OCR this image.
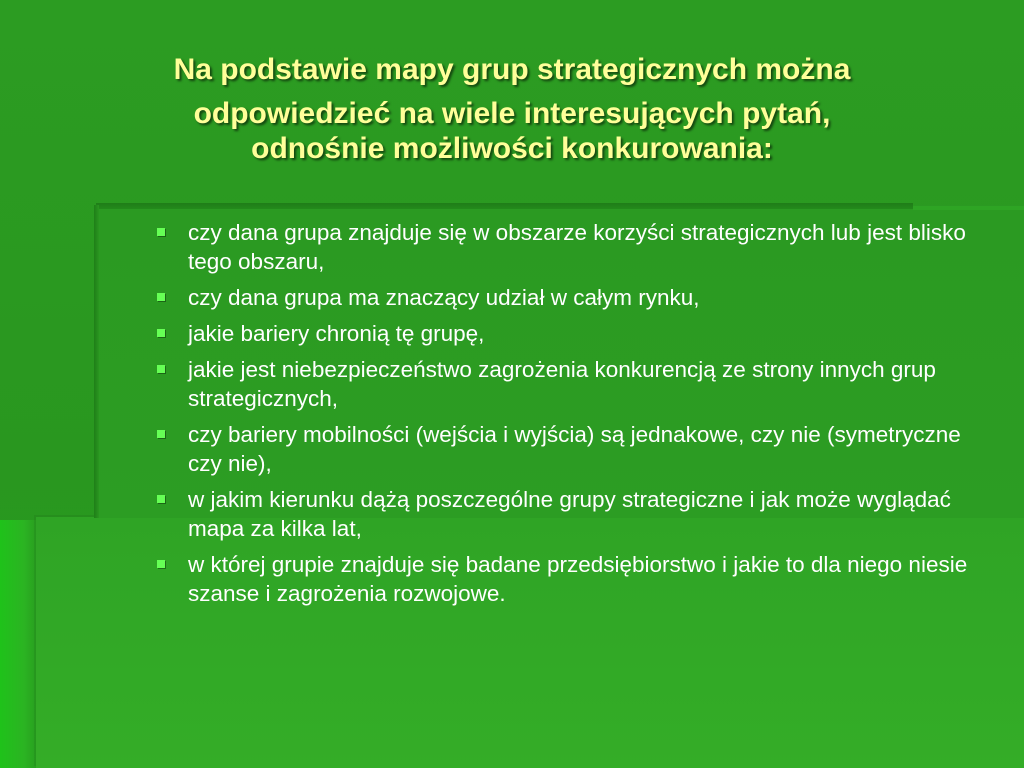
Na podstawie mapy grup strategicznych można
odpowiedzieć na wiele interesujących pytań,
odnośnie możliwości konkurowania:
czy dana grupa znajduje się w obszarze korzyści strategicznych lub jest blisko tego obszaru,
czy dana grupa ma znaczący udział w całym rynku,
jakie bariery chronią tę grupę,
jakie jest niebezpieczeństwo zagrożenia konkurencją ze strony innych grup strategicznych,
czy bariery mobilności (wejścia i wyjścia) są jednakowe, czy nie (symetryczne czy nie),
w jakim kierunku dążą poszczególne grupy strategiczne i jak może wyglądać mapa za kilka lat,
w której grupie znajduje się badane przedsiębiorstwo i jakie to dla niego niesie szanse i zagrożenia rozwojowe.
